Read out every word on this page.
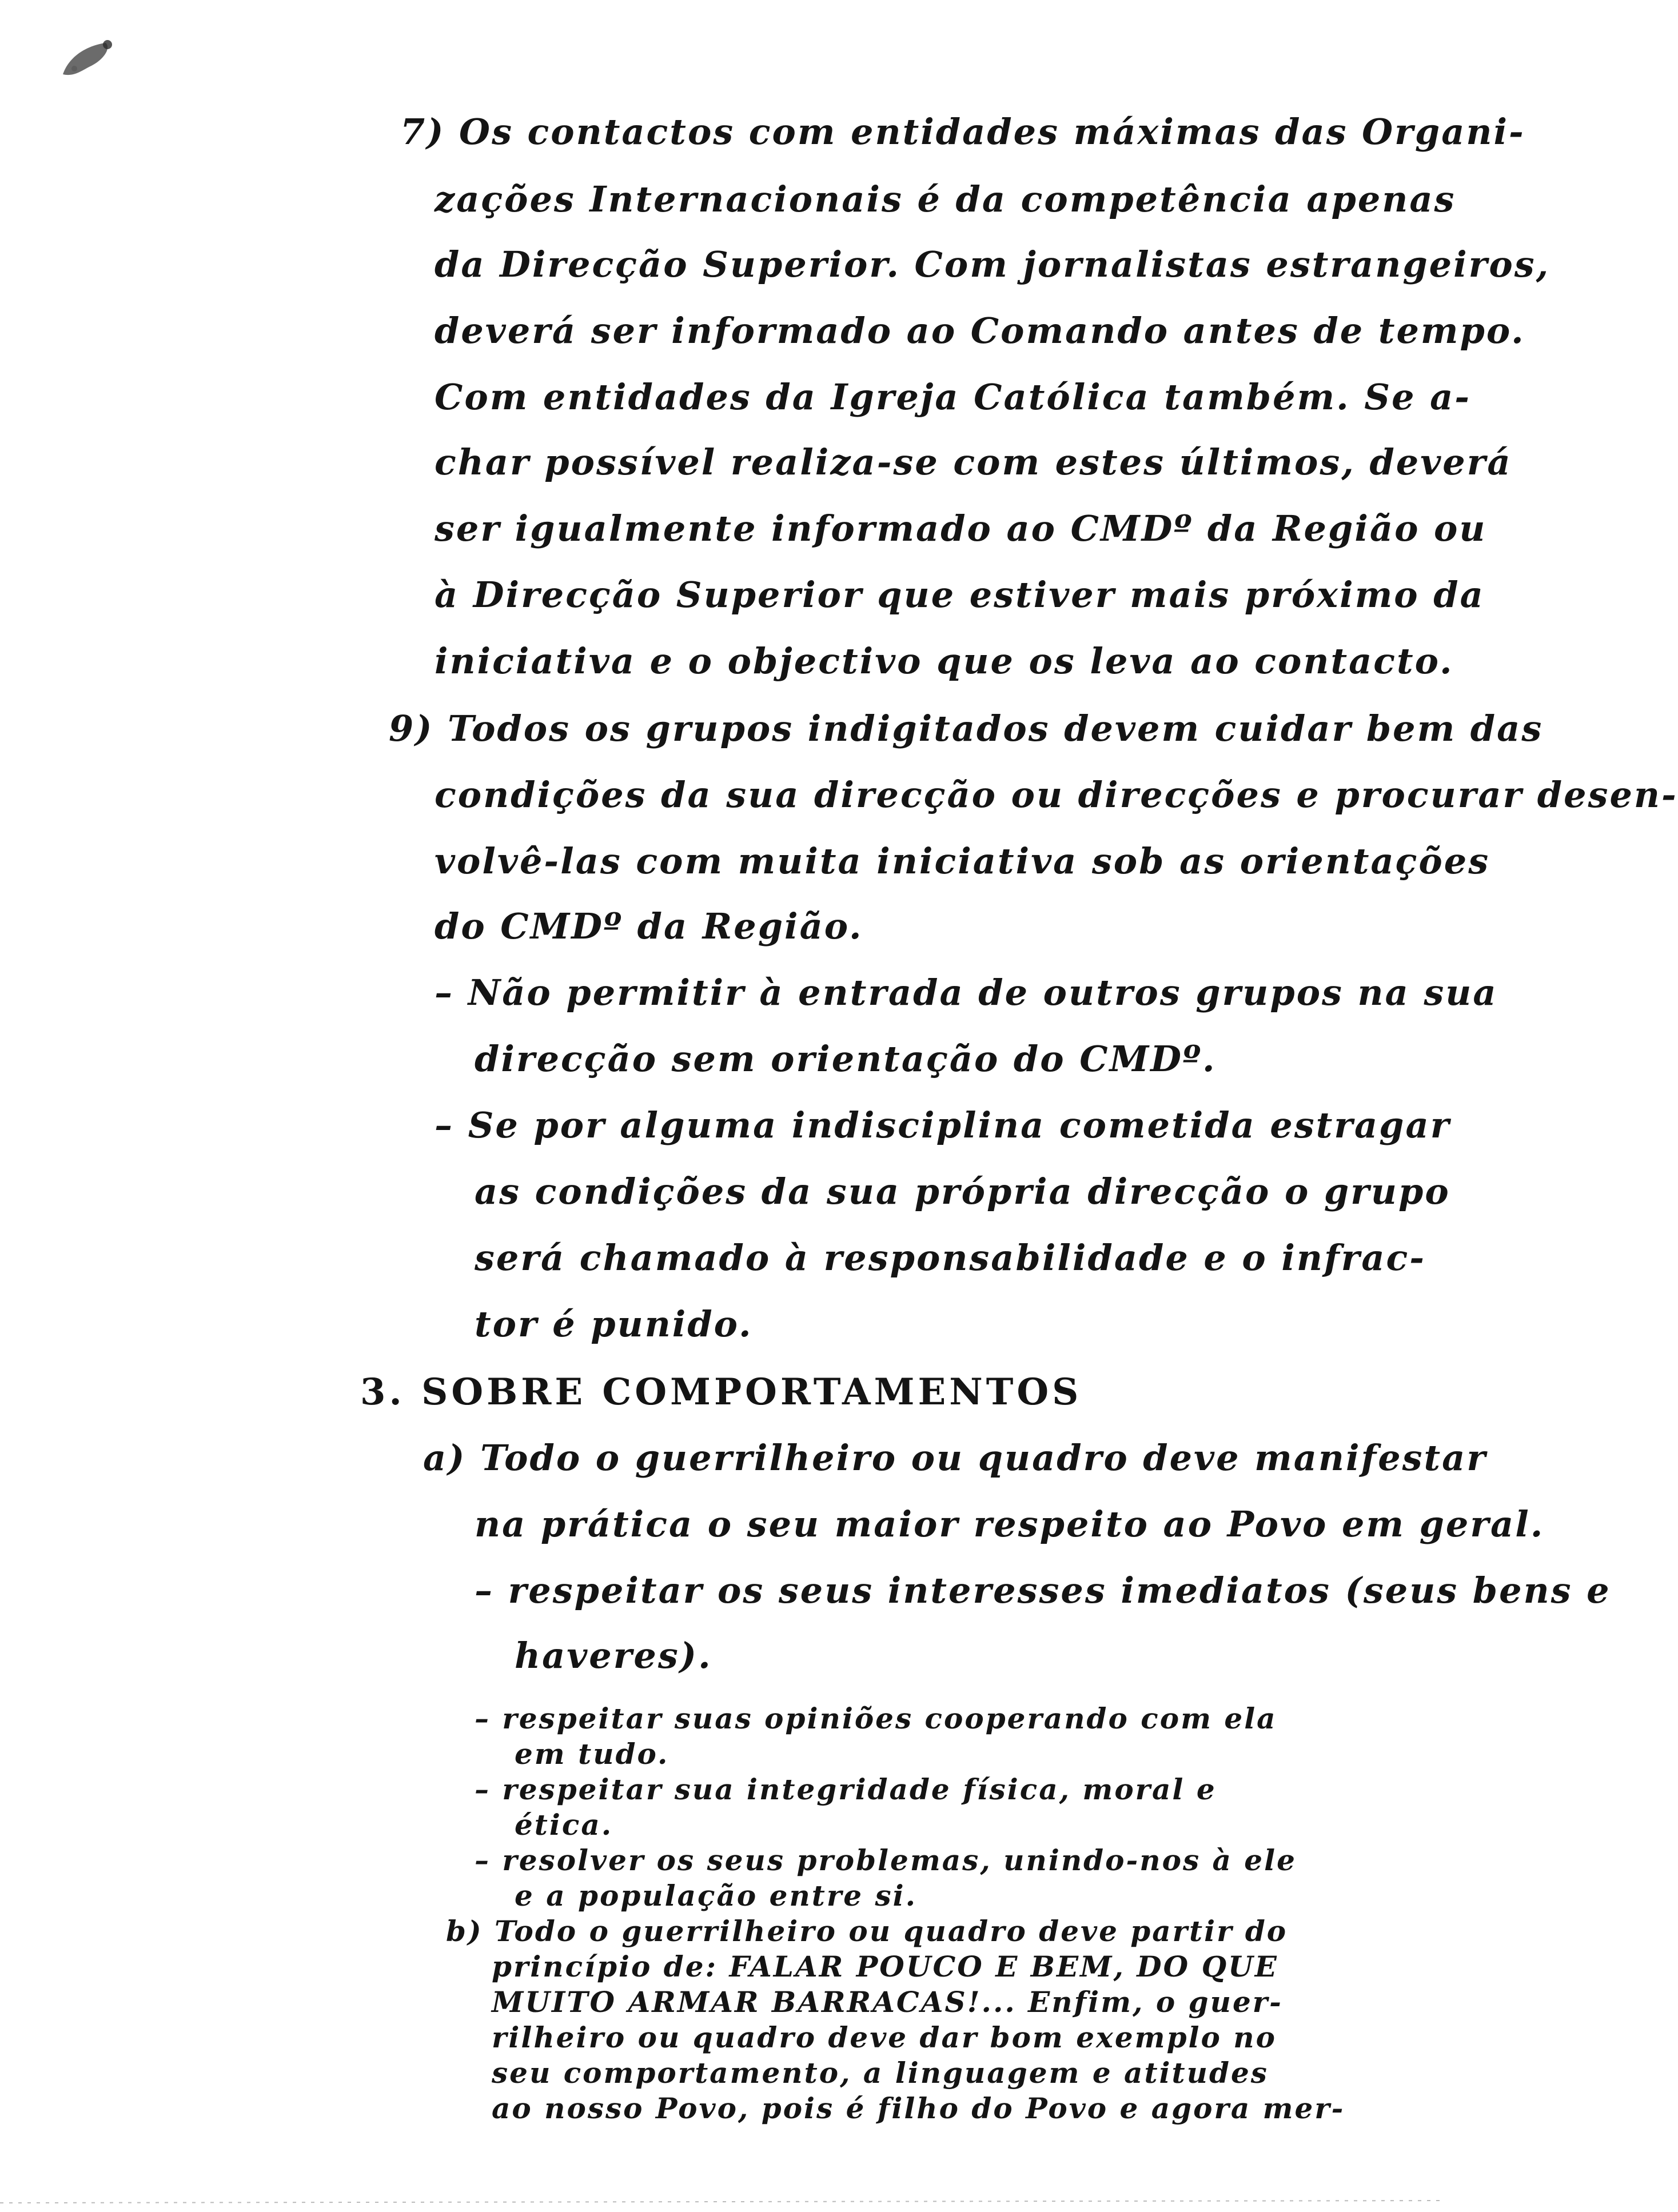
7) Os contactos com entidades máximas das Organi-
zações Internacionais é da competência apenas
da Direcção Superior. Com jornalistas estrangeiros,
deverá ser informado ao Comando antes de tempo.
Com entidades da Igreja Católica também. Se a-
char possível realiza-se com estes últimos, deverá
ser igualmente informado ao CMDº da Região ou
à Direcção Superior que estiver mais próximo da
iniciativa e o objectivo que os leva ao contacto.
9) Todos os grupos indigitados devem cuidar bem das
condições da sua direcção ou direcções e procurar desen-
volvê-las com muita iniciativa sob as orientações
do CMDº da Região.
– Não permitir à entrada de outros grupos na sua
direcção sem orientação do CMDº.
– Se por alguma indisciplina cometida estragar
as condições da sua própria direcção o grupo
será chamado à responsabilidade e o infrac-
tor é punido.
3. SOBRE COMPORTAMENTOS
a) Todo o guerrilheiro ou quadro deve manifestar
na prática o seu maior respeito ao Povo em geral.
– respeitar os seus interesses imediatos (seus bens e
haveres).
– respeitar suas opiniões cooperando com ela
em tudo.
– respeitar sua integridade física, moral e
ética.
– resolver os seus problemas, unindo-nos à ele
e a população entre si.
b) Todo o guerrilheiro ou quadro deve partir do
princípio de: FALAR POUCO E BEM, DO QUE
MUITO ARMAR BARRACAS!... Enfim, o guer-
rilheiro ou quadro deve dar bom exemplo no
seu comportamento, a linguagem e atitudes
ao nosso Povo, pois é filho do Povo e agora mer-
